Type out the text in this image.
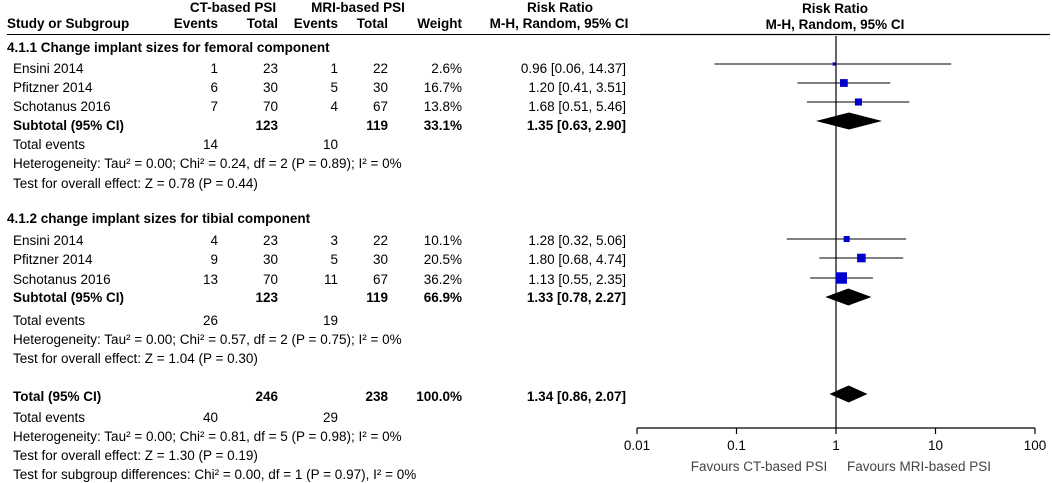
CT-based PSI	MRI-based PSI	Risk Ratio
Study or Subgroup	Events	Total	Events	Total	Weight	M-H, Random, 95% CI
4.1.1 Change implant sizes for femoral component
Ensini 2014	1	23	1	22	2.6%	0.96 [0.06, 14.37]
Pfitzner 2014	6	30	5	30	16.7%	1.20 [0.41, 3.51]
Schotanus 2016	7	70	4	67	13.8%	1.68 [0.51, 5.46]
Subtotal (95% CI)	123	119	33.1%	1.35 [0.63, 2.90]
Total events	14	10
Heterogeneity: Tau² = 0.00; Chi² = 0.24, df = 2 (P = 0.89); I² = 0%
Test for overall effect: Z = 0.78 (P = 0.44)
4.1.2 change implant sizes for tibial component
Ensini 2014	4	23	3	22	10.1%	1.28 [0.32, 5.06]
Pfitzner 2014	9	30	5	30	20.5%	1.80 [0.68, 4.74]
Schotanus 2016	13	70	11	67	36.2%	1.13 [0.55, 2.35]
Subtotal (95% CI)	123	119	66.9%	1.33 [0.78, 2.27]
Total events	26	19
Heterogeneity: Tau² = 0.00; Chi² = 0.57, df = 2 (P = 0.75); I² = 0%
Test for overall effect: Z = 1.04 (P = 0.30)
Total (95% CI)	246	238	100.0%	1.34 [0.86, 2.07]
Total events	40	29
Heterogeneity: Tau² = 0.00; Chi² = 0.81, df = 5 (P = 0.98); I² = 0%
Test for overall effect: Z = 1.30 (P = 0.19)
Test for subgroup differences: Chi² = 0.00, df = 1 (P = 0.97), I² = 0%
Risk Ratio
M-H, Random, 95% CI
0.01	0.1	1	10	100
Favours CT-based PSI Favours MRI-based PSI
